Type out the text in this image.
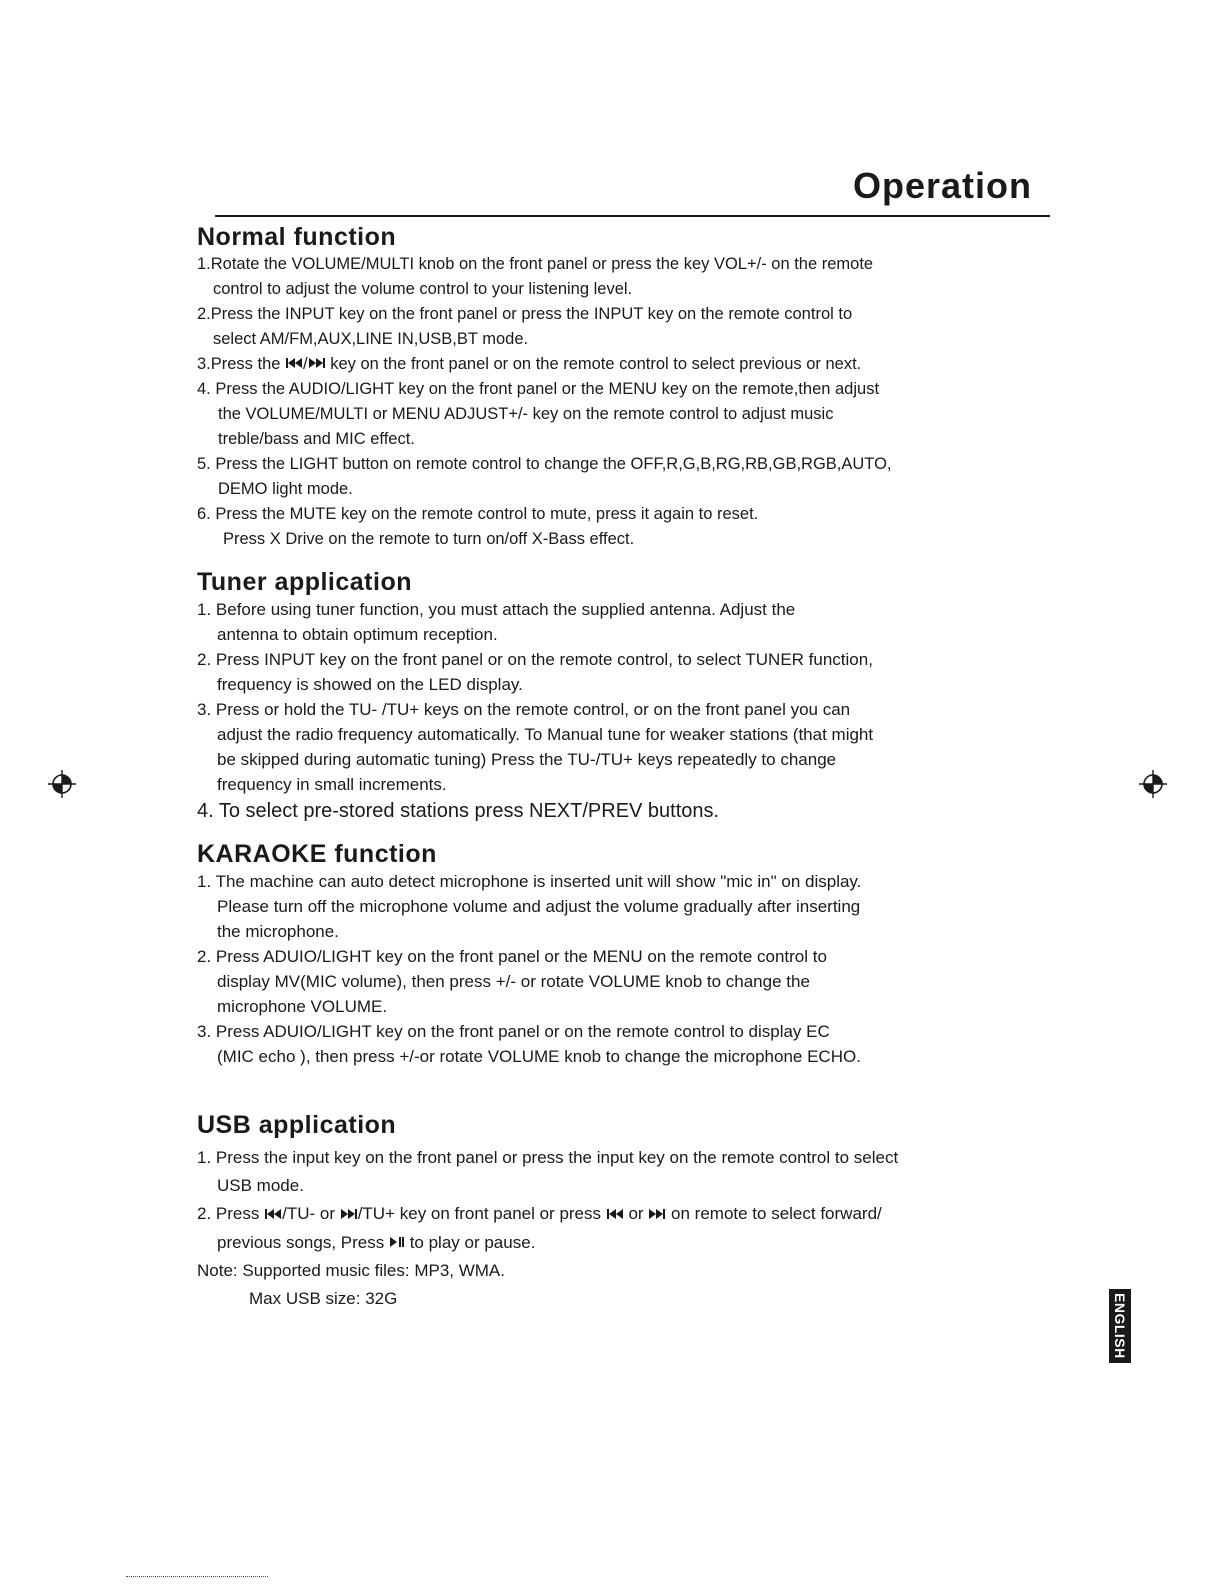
Operation
Normal function

1.Rotate the VOLUME/MULTI knob on the front panel or press the key VOL+/- on the remote

control to adjust the volume control to your listening level.

2.Press the INPUT key on the front panel or press the INPUT key on the remote control to

select AM/FM,AUX,LINE IN,USB,BT mode.

3.Press the / key on the front panel or on the remote control to select previous or next.

4. Press the AUDIO/LIGHT key on the front panel or the MENU key on the remote,then adjust

the VOLUME/MULTI or MENU ADJUST+/- key on the remote control to adjust music

treble/bass and MIC effect.

5. Press the LIGHT button on remote control to change the OFF,R,G,B,RG,RB,GB,RGB,AUTO,

DEMO light mode.

6. Press the MUTE key on the remote control to mute, press it again to reset.

Press X Drive on the remote to turn on/off X-Bass effect.

Tuner application

1. Before using tuner function, you must attach the supplied antenna. Adjust the

antenna to obtain optimum reception.

2. Press INPUT key on the front panel or on the remote control, to select TUNER function,

frequency is showed on the LED display.

3. Press or hold the TU- /TU+ keys on the remote control, or on the front panel you can

adjust the radio frequency automatically. To Manual tune for weaker stations (that might

be skipped during automatic tuning) Press the TU-/TU+ keys repeatedly to change

frequency in small increments.

4. To select pre-stored stations press NEXT/PREV buttons.

KARAOKE function

1. The machine can auto detect microphone is inserted unit will show "mic in" on display.

Please turn off the microphone volume and adjust the volume gradually after inserting

the microphone.

2. Press ADUIO/LIGHT key on the front panel or the MENU on the remote control to

display MV(MIC volume), then press +/- or rotate VOLUME knob to change the

microphone VOLUME.

3. Press ADUIO/LIGHT key on the front panel or on the remote control to display EC

(MIC echo ), then press +/-or rotate VOLUME knob to change the microphone ECHO.

USB application

1. Press the input key on the front panel or press the input key on the remote control to select

USB mode.

2. Press /TU- or /TU+ key on front panel or press  or  on remote to select forward/

previous songs, Press  to play or pause.

Note: Supported music files: MP3, WMA.

Max USB size: 32G	ENGLISH
